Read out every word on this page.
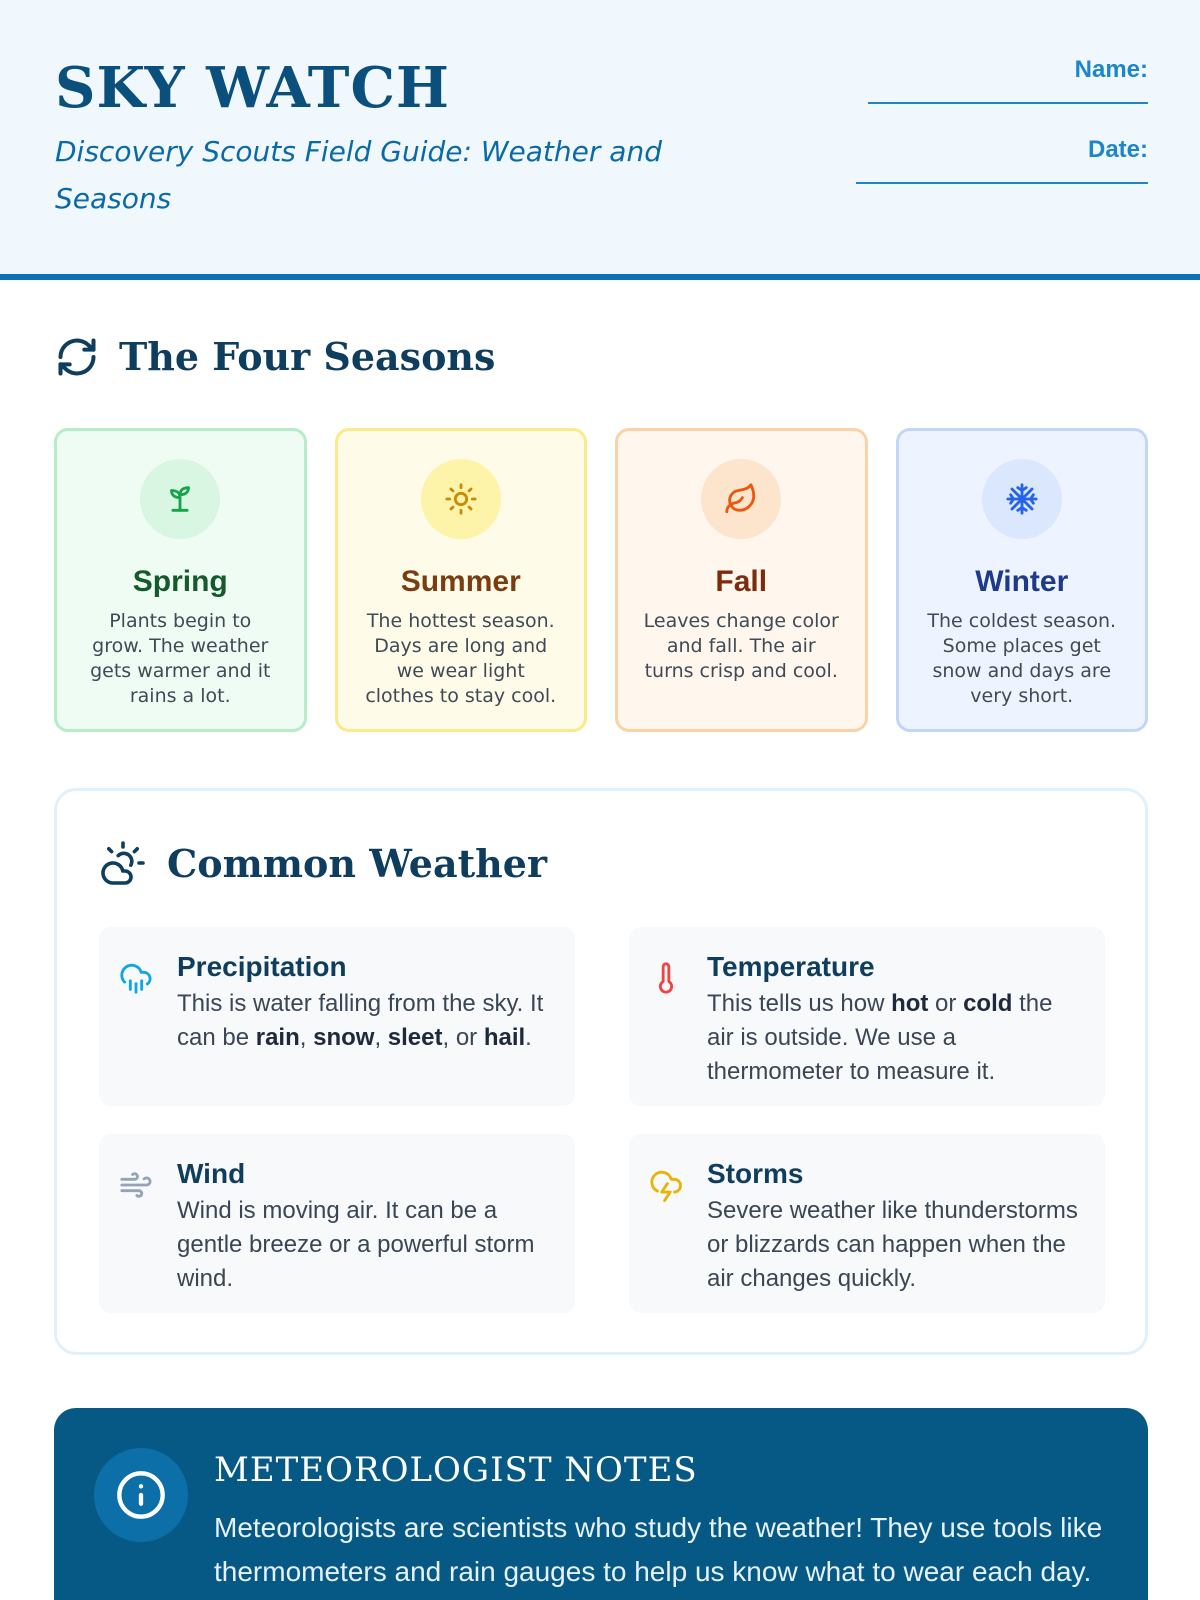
SKY WATCH
Discovery Scouts Field Guide: Weather and Seasons
Name:
Date:
The Four Seasons
Spring
Plants begin to grow. The weather gets warmer and it rains a lot.
Summer
The hottest season. Days are long and we wear light clothes to stay cool.
Fall
Leaves change color and fall. The air turns crisp and cool.
Winter
The coldest season. Some places get snow and days are very short.
Common Weather
Precipitation
This is water falling from the sky. It can be rain, snow, sleet, or hail.
Temperature
This tells us how hot or cold the air is outside. We use a thermometer to measure it.
Wind
Wind is moving air. It can be a gentle breeze or a powerful storm wind.
Storms
Severe weather like thunderstorms or blizzards can happen when the air changes quickly.
METEOROLOGIST NOTES
Meteorologists are scientists who study the weather! They use tools like thermometers and rain gauges to help us know what to wear each day.
